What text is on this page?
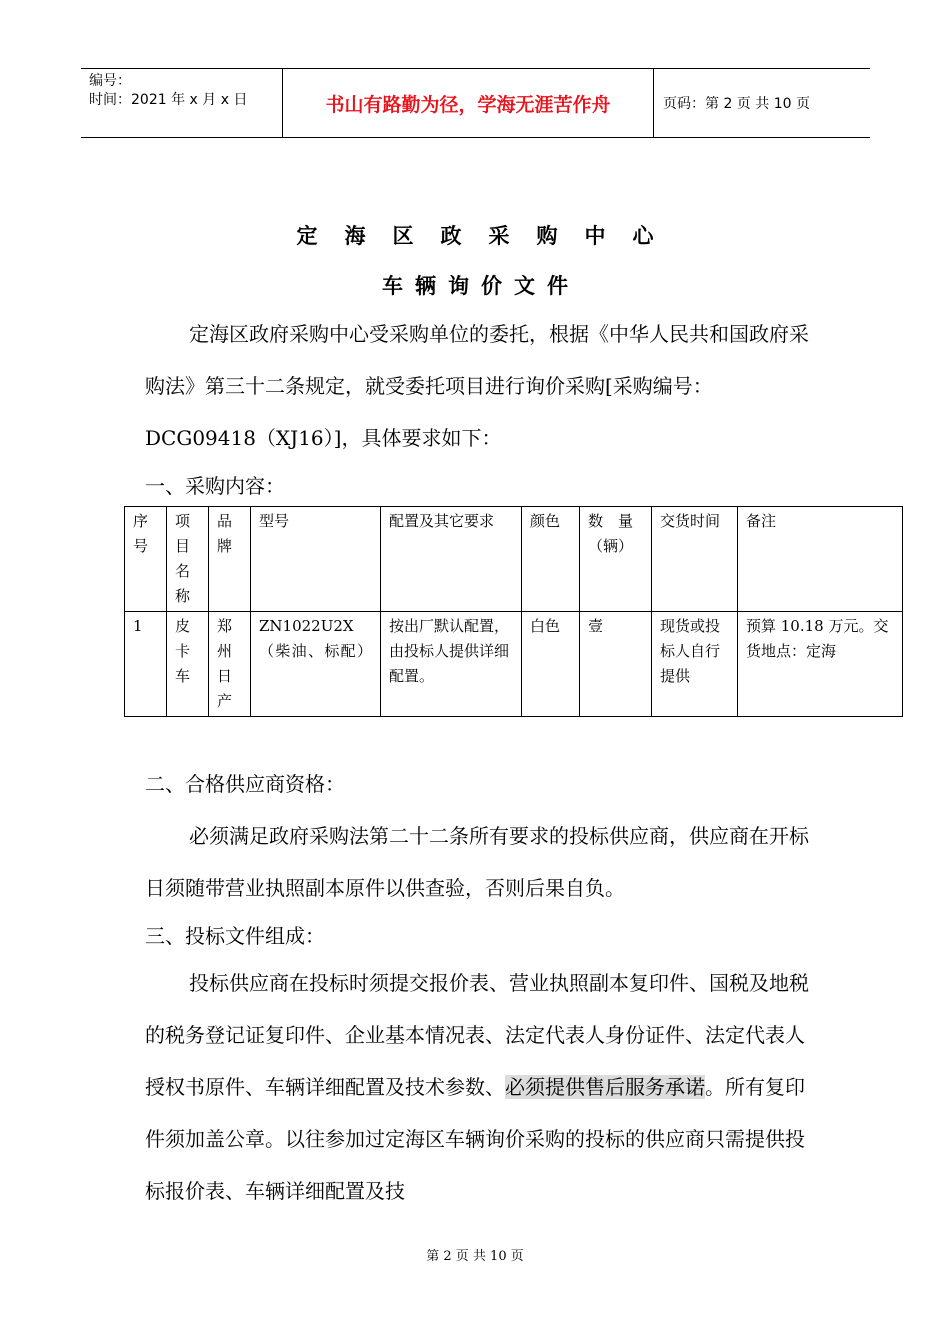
编号：
时间：2021 年 x 月 x 日	书山有路勤为径，学海无涯苦作舟	页码：第 2 页 共 10 页
定海区政采购中心
车辆询价文件

定海区政府采购中心受采购单位的委托，根据《中华人民共和国政府采购法》第三十二条规定，就受委托项目进行询价采购[采购编号：DCG09418（XJ16）]，具体要求如下：

一、采购内容：

序号	项目名称	品牌	型号	配置及其它要求	颜色	数　量（辆）	交货时间	备注
1	皮卡车	郑州日产	ZN1022U2X（柴油、标配）	按出厂默认配置，由投标人提供详细配置。	白色	壹	现货或投标人自行提供	预算 10.18 万元。交货地点：定海

二、合格供应商资格：

必须满足政府采购法第二十二条所有要求的投标供应商，供应商在开标日须随带营业执照副本原件以供查验，否则后果自负。

三、投标文件组成：

投标供应商在投标时须提交报价表、营业执照副本复印件、国税及地税的税务登记证复印件、企业基本情况表、法定代表人身份证件、法定代表人授权书原件、车辆详细配置及技术参数、必须提供售后服务承诺。所有复印件须加盖公章。以往参加过定海区车辆询价采购的投标的供应商只需提供投标报价表、车辆详细配置及技

第 2 页 共 10 页
